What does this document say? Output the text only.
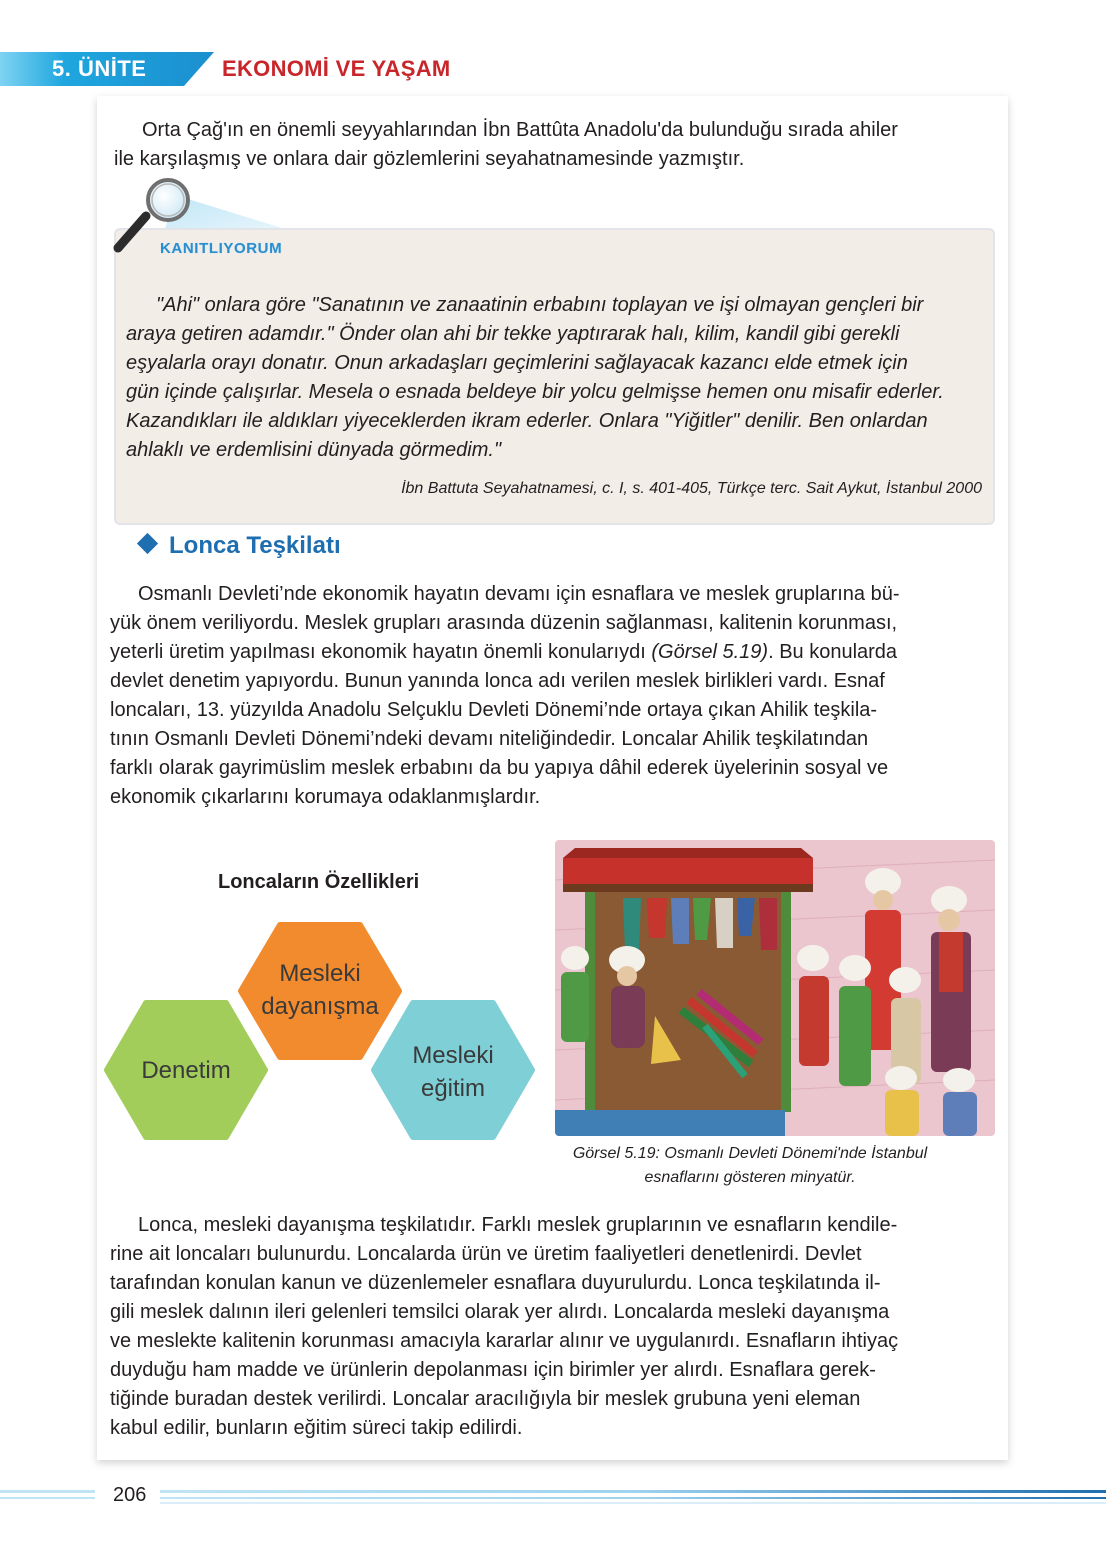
5. ÜNİTE	EKONOMİ VE YAŞAM
Orta Çağ'ın en önemli seyyahlarından İbn Battûta Anadolu'da bulunduğu sırada ahiler
ile karşılaşmış ve onlara dair gözlemlerini seyahatnamesinde yazmıştır.
KANITLIYORUM
"Ahi" onlara göre "Sanatının ve zanaatinin erbabını toplayan ve işi olmayan gençleri bir
araya getiren adamdır." Önder olan ahi bir tekke yaptırarak halı, kilim, kandil gibi gerekli
eşyalarla orayı donatır. Onun arkadaşları geçimlerini sağlayacak kazancı elde etmek için
gün içinde çalışırlar. Mesela o esnada beldeye bir yolcu gelmişse hemen onu misafir ederler.
Kazandıkları ile aldıkları yiyeceklerden ikram ederler. Onlara "Yiğitler" denilir. Ben onlardan
ahlaklı ve erdemlisini dünyada görmedim."
İbn Battuta Seyahatnamesi, c. I, s. 401-405, Türkçe terc. Sait Aykut, İstanbul 2000
Lonca Teşkilatı
Osmanlı Devleti’nde ekonomik hayatın devamı için esnaflara ve meslek gruplarına bü-
yük önem veriliyordu. Meslek grupları arasında düzenin sağlanması, kalitenin korunması,
yeterli üretim yapılması ekonomik hayatın önemli konularıydı (Görsel 5.19). Bu konularda
devlet denetim yapıyordu. Bunun yanında lonca adı verilen meslek birlikleri vardı. Esnaf
loncaları, 13. yüzyılda Anadolu Selçuklu Devleti Dönemi’nde ortaya çıkan Ahilik teşkila-
tının Osmanlı Devleti Dönemi’ndeki devamı niteliğindedir. Loncalar Ahilik teşkilatından
farklı olarak gayrimüslim meslek erbabını da bu yapıya dâhil ederek üyelerinin sosyal ve
ekonomik çıkarlarını korumaya odaklanmışlardır.
Loncaların Özellikleri
Mesleki
dayanışma
Denetim
Mesleki
eğitim
Görsel 5.19: Osmanlı Devleti Dönemi'nde İstanbul
esnaflarını gösteren minyatür.
Lonca, mesleki dayanışma teşkilatıdır. Farklı meslek gruplarının ve esnafların kendile-
rine ait loncaları bulunurdu. Loncalarda ürün ve üretim faaliyetleri denetlenirdi. Devlet
tarafından konulan kanun ve düzenlemeler esnaflara duyurulurdu. Lonca teşkilatında il-
gili meslek dalının ileri gelenleri temsilci olarak yer alırdı. Loncalarda mesleki dayanışma
ve meslekte kalitenin korunması amacıyla kararlar alınır ve uygulanırdı. Esnafların ihtiyaç
duyduğu ham madde ve ürünlerin depolanması için birimler yer alırdı. Esnaflara gerek-
tiğinde buradan destek verilirdi. Loncalar aracılığıyla bir meslek grubuna yeni eleman
kabul edilir, bunların eğitim süreci takip edilirdi.
206
